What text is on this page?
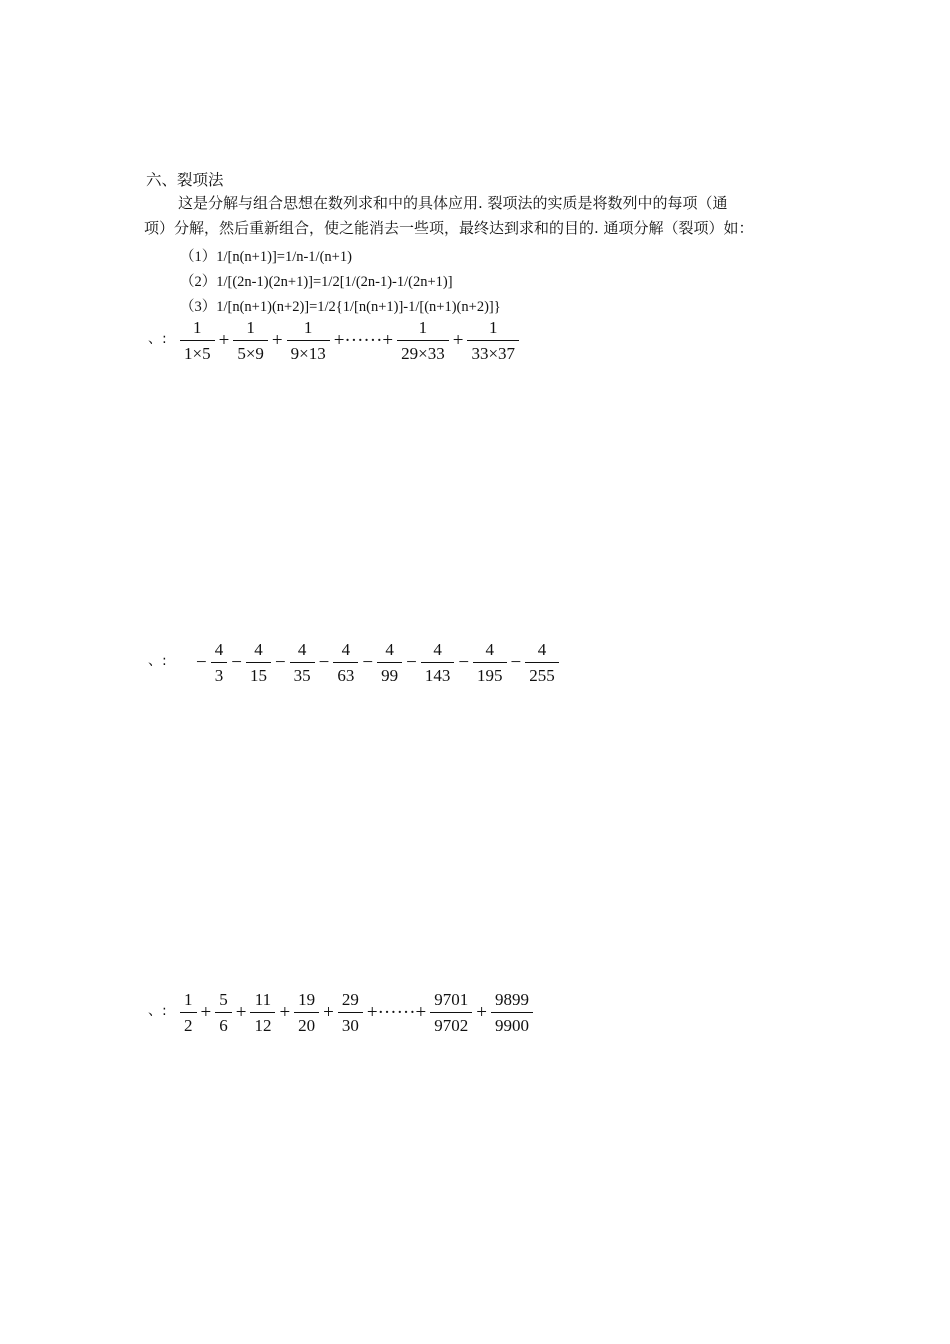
六、裂项法
这是分解与组合思想在数列求和中的具体应用. 裂项法的实质是将数列中的每项（通
项）分解，然后重新组合，使之能消去一些项，最终达到求和的目的. 通项分解（裂项）如：
（1）1/[n(n+1)]=1/n-1/(n+1)
（2）1/[(2n-1)(2n+1)]=1/2[1/(2n-1)-1/(2n+1)]
（3）1/[n(n+1)(n+2)]=1/2{1/[n(n+1)]-1/[(n+1)(n+2)]}
、: $\frac{1}{1\times 5} + \frac{1}{5\times 9} + \frac{1}{9\times 13}$ +······+ $\frac{1}{29\times 33} + \frac{1}{33\times 37}$
、: − $\frac{4}{3} - \frac{4}{15} - \frac{4}{35} - \frac{4}{63} - \frac{4}{99} - \frac{4}{143} - \frac{4}{195} - \frac{4}{255}$
、: $\frac{1}{2} + \frac{5}{6} + \frac{11}{12} + \frac{19}{20} + \frac{29}{30}$ +······+ $\frac{9701}{9702} + \frac{9899}{9900}$
